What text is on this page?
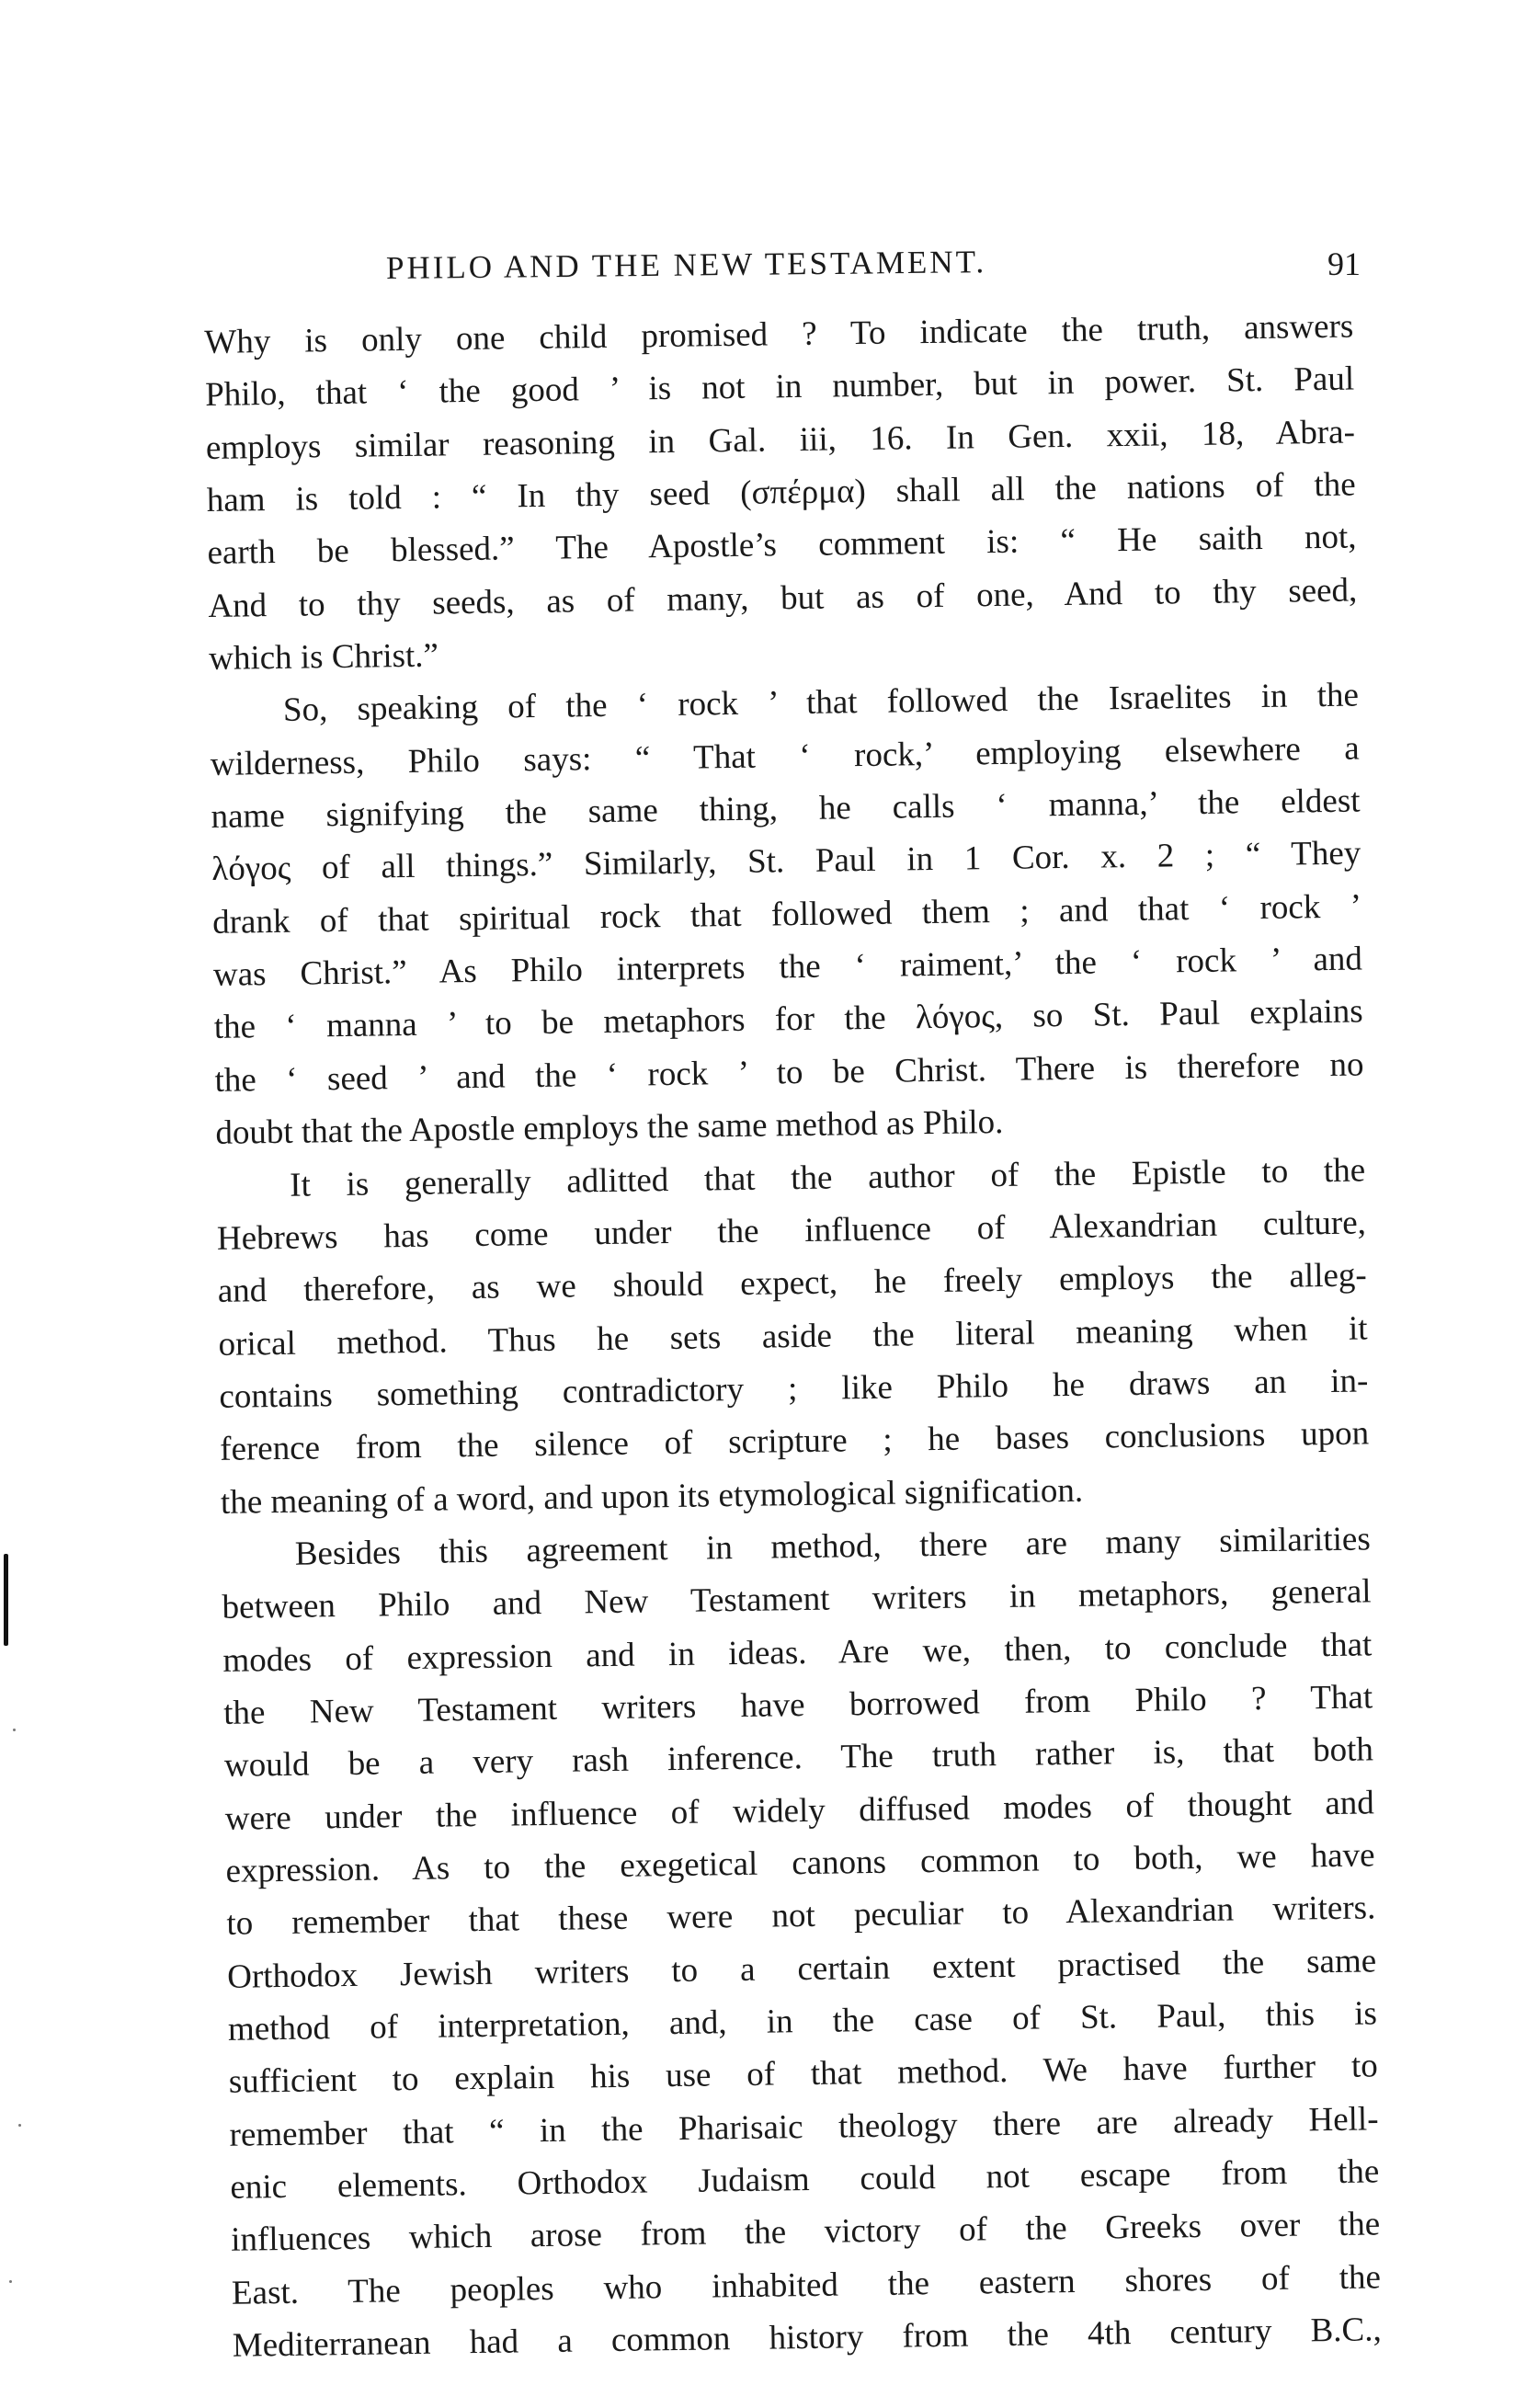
PHILO AND THE NEW TESTAMENT.	91

Why is only one child promised ? To indicate the truth, answers
Philo, that ‘ the good ’ is not in number, but in power. St. Paul
employs similar reasoning in Gal. iii, 16. In Gen. xxii, 18, Abra-
ham is told : “ In thy seed (σπέρμα) shall all the nations of the
earth be blessed.” The Apostle’s comment is: “ He saith not,
And to thy seeds, as of many, but as of one, And to thy seed,
which is Christ.”

So, speaking of the ‘ rock ’ that followed the Israelites in the
wilderness, Philo says: “ That ‘ rock,’ employing elsewhere a
name signifying the same thing, he calls ‘ manna,’ the eldest
λόγος of all things.” Similarly, St. Paul in 1 Cor. x. 2 ; “ They
drank of that spiritual rock that followed them ; and that ‘ rock ’
was Christ.” As Philo interprets the ‘ raiment,’ the ‘ rock ’ and
the ‘ manna ’ to be metaphors for the λόγος, so St. Paul explains
the ‘ seed ’ and the ‘ rock ’ to be Christ. There is therefore no
doubt that the Apostle employs the same method as Philo.

It is generally adlitted that the author of the Epistle to the
Hebrews has come under the influence of Alexandrian culture,
and therefore, as we should expect, he freely employs the alleg-
orical method. Thus he sets aside the literal meaning when it
contains something contradictory ; like Philo he draws an in-
ference from the silence of scripture ; he bases conclusions upon
the meaning of a word, and upon its etymological signification.

Besides this agreement in method, there are many similarities
between Philo and New Testament writers in metaphors, general
modes of expression and in ideas. Are we, then, to conclude that
the New Testament writers have borrowed from Philo ? That
would be a very rash inference. The truth rather is, that both
were under the influence of widely diffused modes of thought and
expression. As to the exegetical canons common to both, we have
to remember that these were not peculiar to Alexandrian writers.
Orthodox Jewish writers to a certain extent practised the same
method of interpretation, and, in the case of St. Paul, this is
sufficient to explain his use of that method. We have further to
remember that “ in the Pharisaic theology there are already Hell-
enic elements. Orthodox Judaism could not escape from the
influences which arose from the victory of the Greeks over the
East. The peoples who inhabited the eastern shores of the
Mediterranean had a common history from the 4th century B.C.,
